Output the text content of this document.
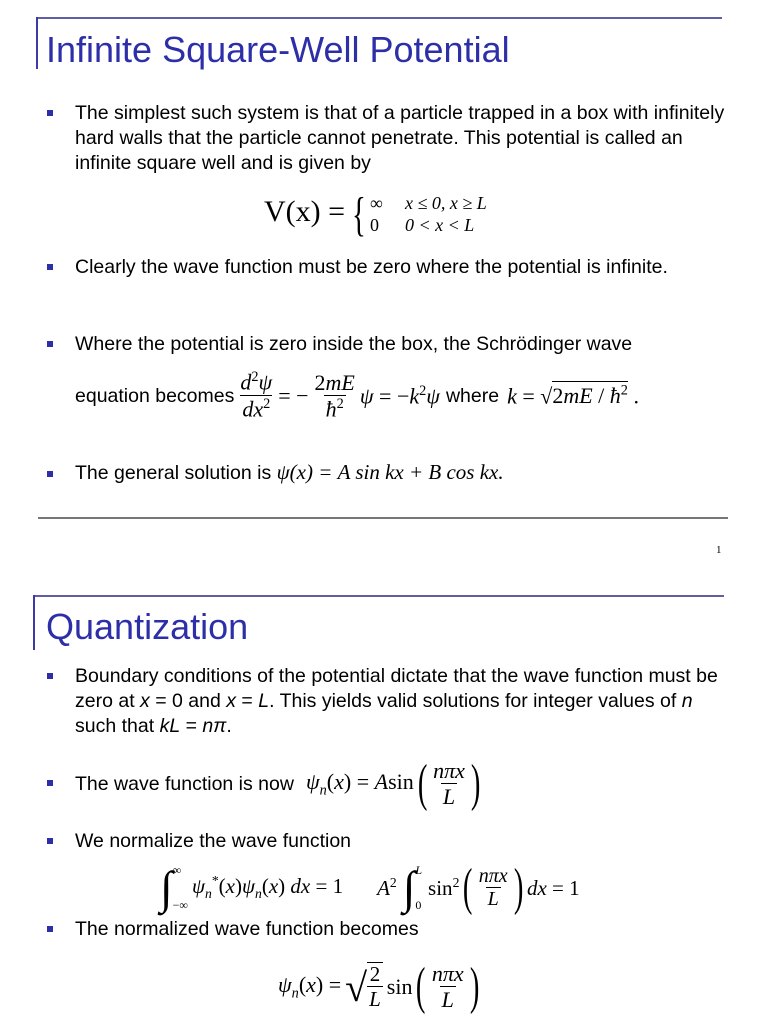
Infinite Square-Well Potential
The simplest such system is that of a particle trapped in a box with infinitely hard walls that the particle cannot penetrate. This potential is called an infinite square well and is given by
V(x) = { ∞ x ≤ 0, x ≥ L
0 0 < x < L
Clearly the wave function must be zero where the potential is infinite.
Where the potential is zero inside the box, the Schrödinger wave
equation becomes $\frac{d^2\psi}{dx^2}$ = − $\frac{2mE}{ħ^2}$ $\psi = -k^2\psi$ where $k = √2mE / ħ^2$ .
The general solution is ψ(x) = A sin kx + B cos kx.
1
Quantization
Boundary conditions of the potential dictate that the wave function must be zero at x = 0 and x = L. This yields valid solutions for integer values of n such that kL = nπ.
The wave function is now $\psi_n(x) = Asin$ ( $\frac{\text{nπx}}{L}$ )
We normalize the wave function
∫ ∞
−∞
$\psi_n^*(x)\psi_n(x)$ dx = 1 $A^2$ ∫ L
0
$\sin^2$ ( $\frac{\text{nπx}}{L}$ ) dx = 1
The normalized wave function becomes
$\psi_n(x)$ = √ $\frac{2}{L}$ sin ( $\frac{\text{nπx}}{L}$ )
